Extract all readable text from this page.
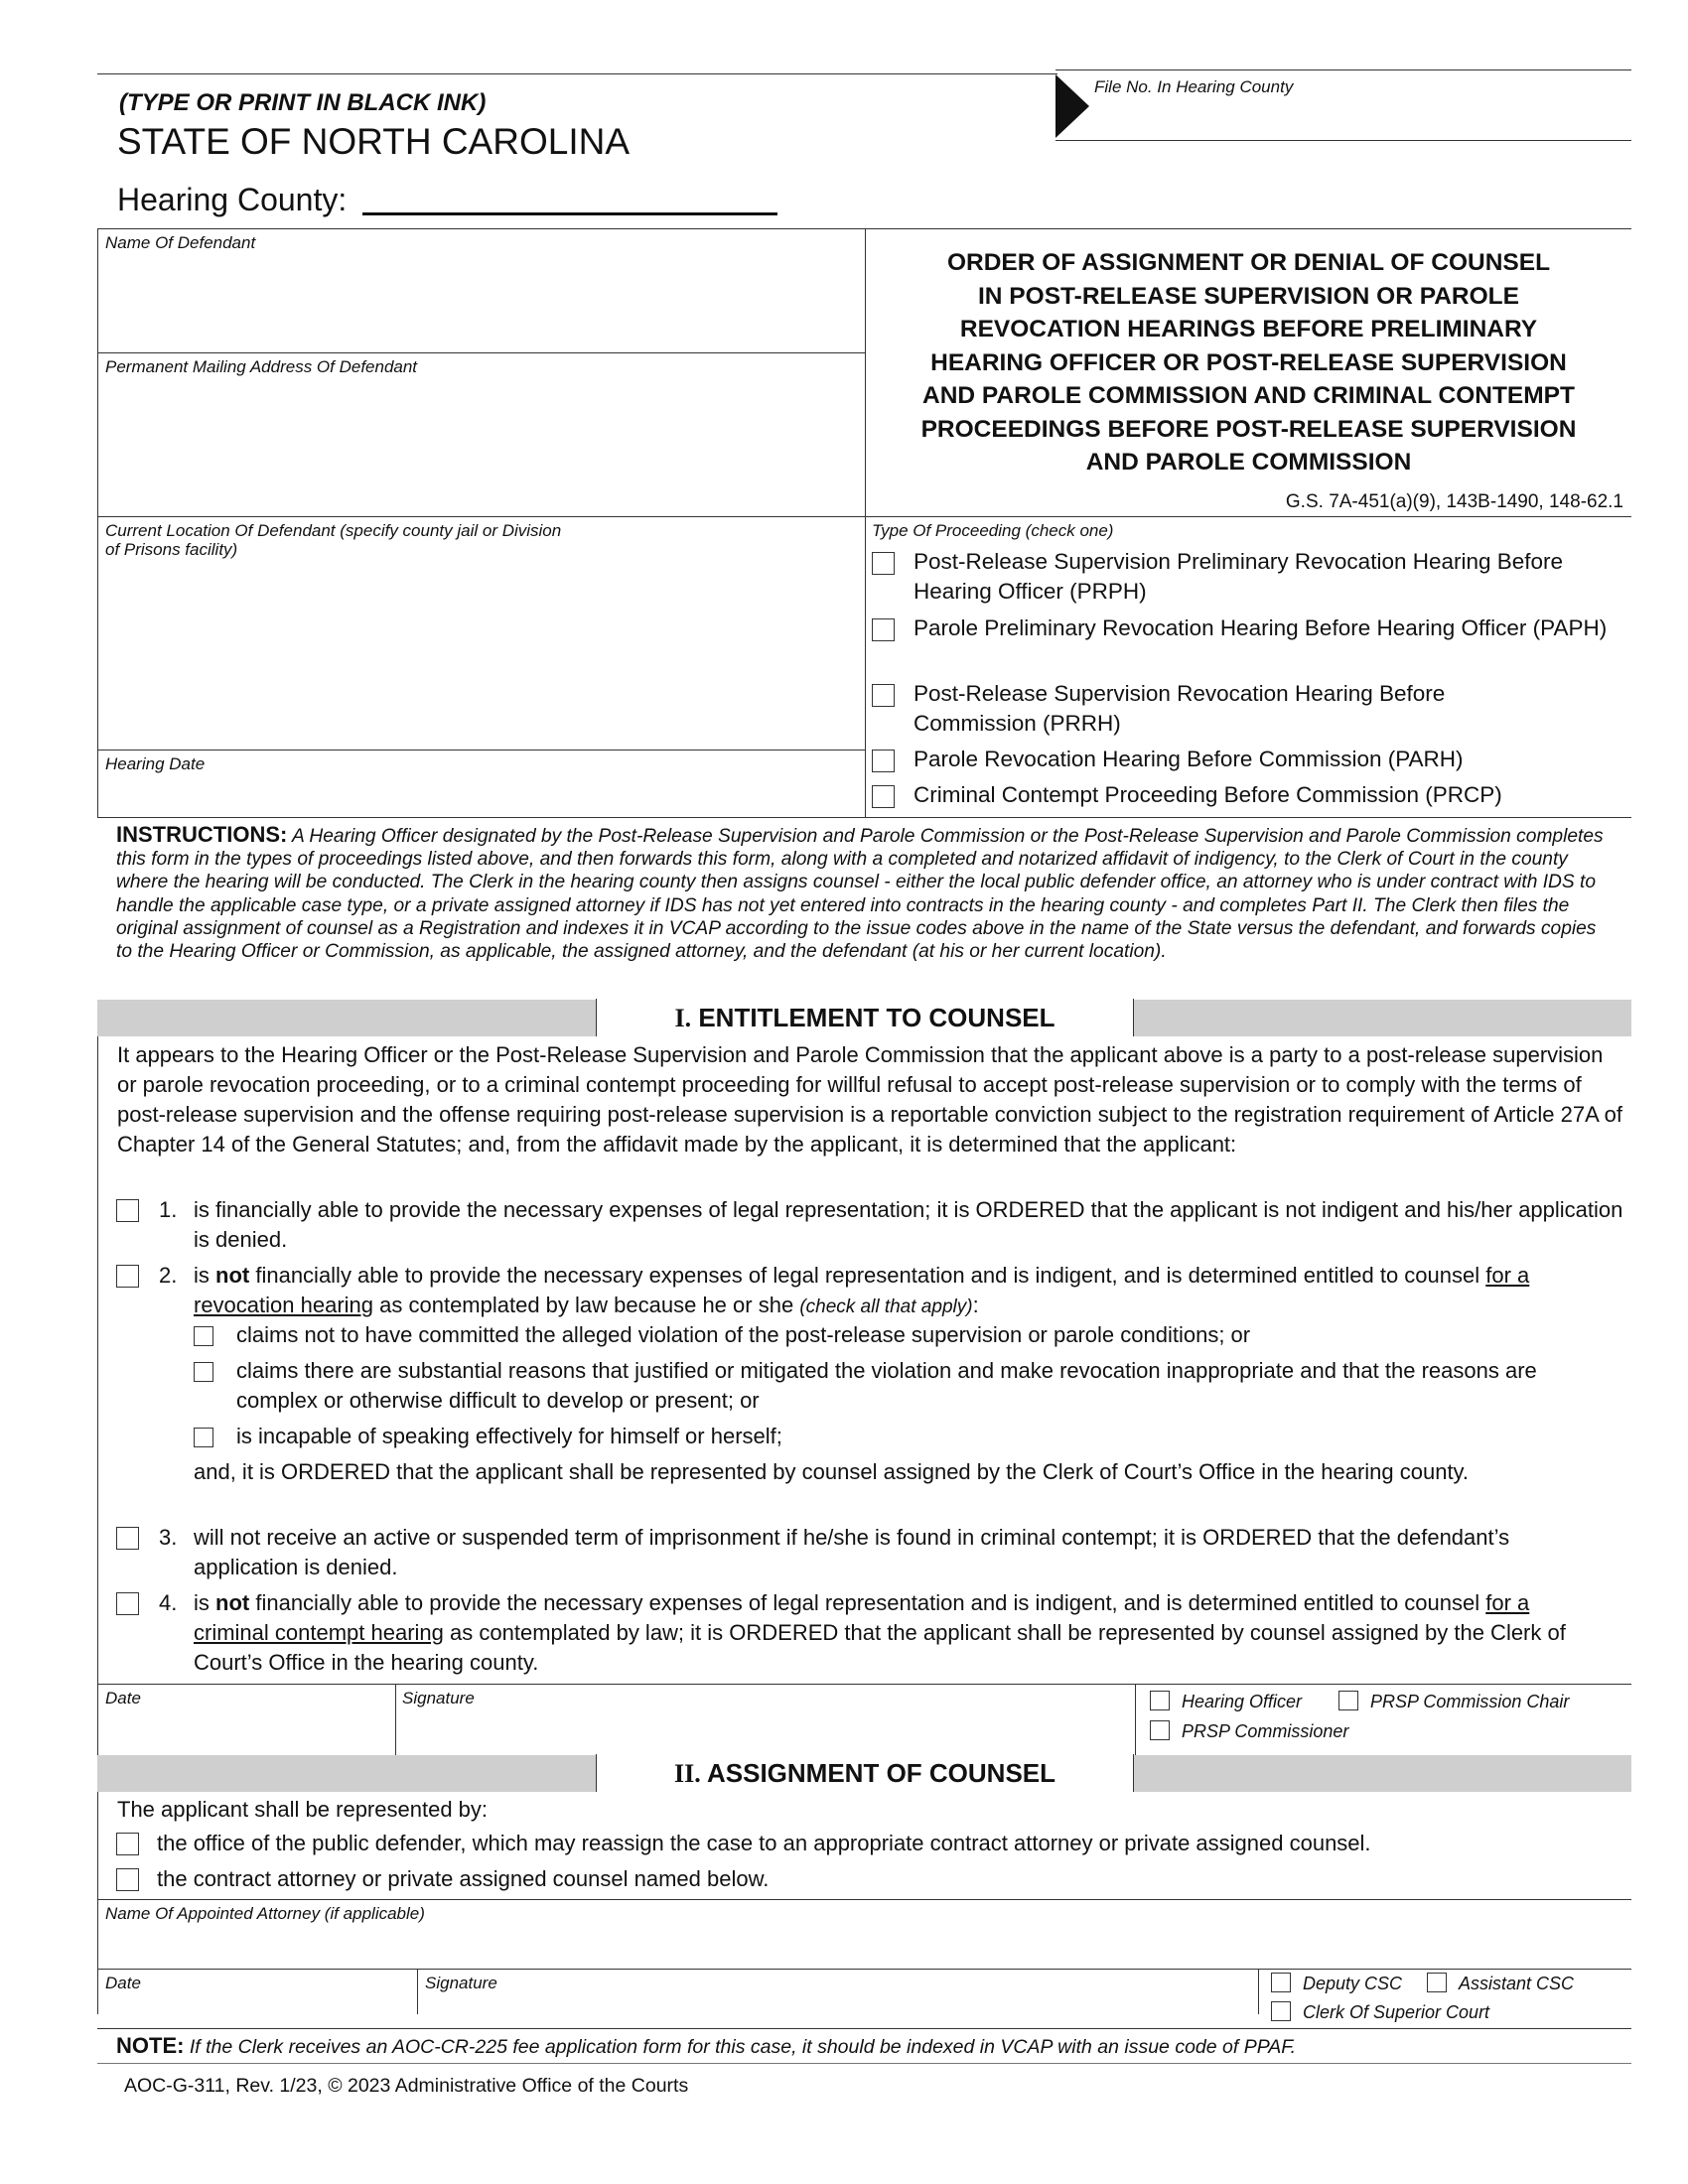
(TYPE OR PRINT IN BLACK INK)
STATE OF NORTH CAROLINA
Hearing County:
File No. In Hearing County
Name Of Defendant
Permanent Mailing Address Of Defendant
Current Location Of Defendant (specify county jail or Division of Prisons facility)
Hearing Date
ORDER OF ASSIGNMENT OR DENIAL OF COUNSEL
IN POST-RELEASE SUPERVISION OR PAROLE
REVOCATION HEARINGS BEFORE PRELIMINARY
HEARING OFFICER OR POST-RELEASE SUPERVISION
AND PAROLE COMMISSION AND CRIMINAL CONTEMPT
PROCEEDINGS BEFORE POST-RELEASE SUPERVISION
AND PAROLE COMMISSION
G.S. 7A-451(a)(9), 143B-1490, 148-62.1
Type Of Proceeding (check one)
Post-Release Supervision Preliminary Revocation Hearing Before Hearing Officer (PRPH)
Parole Preliminary Revocation Hearing Before Hearing Officer (PAPH)
Post-Release Supervision Revocation Hearing Before Commission (PRRH)
Parole Revocation Hearing Before Commission (PARH)
Criminal Contempt Proceeding Before Commission (PRCP)
INSTRUCTIONS: A Hearing Officer designated by the Post-Release Supervision and Parole Commission or the Post-Release Supervision and Parole Commission completes this form in the types of proceedings listed above, and then forwards this form, along with a completed and notarized affidavit of indigency, to the Clerk of Court in the county where the hearing will be conducted. The Clerk in the hearing county then assigns counsel - either the local public defender office, an attorney who is under contract with IDS to handle the applicable case type, or a private assigned attorney if IDS has not yet entered into contracts in the hearing county - and completes Part II. The Clerk then files the original assignment of counsel as a Registration and indexes it in VCAP according to the issue codes above in the name of the State versus the defendant, and forwards copies to the Hearing Officer or Commission, as applicable, the assigned attorney, and the defendant (at his or her current location).
I. ENTITLEMENT TO COUNSEL
It appears to the Hearing Officer or the Post-Release Supervision and Parole Commission that the applicant above is a party to a post-release supervision or parole revocation proceeding, or to a criminal contempt proceeding for willful refusal to accept post-release supervision or to comply with the terms of post-release supervision and the offense requiring post-release supervision is a reportable conviction subject to the registration requirement of Article 27A of Chapter 14 of the General Statutes; and, from the affidavit made by the applicant, it is determined that the applicant:
1. is financially able to provide the necessary expenses of legal representation; it is ORDERED that the applicant is not indigent and his/her application is denied.
2. is not financially able to provide the necessary expenses of legal representation and is indigent, and is determined entitled to counsel for a revocation hearing as contemplated by law because he or she (check all that apply):
claims not to have committed the alleged violation of the post-release supervision or parole conditions; or
claims there are substantial reasons that justified or mitigated the violation and make revocation inappropriate and that the reasons are complex or otherwise difficult to develop or present; or
is incapable of speaking effectively for himself or herself;
and, it is ORDERED that the applicant shall be represented by counsel assigned by the Clerk of Court’s Office in the hearing county.
3. will not receive an active or suspended term of imprisonment if he/she is found in criminal contempt; it is ORDERED that the defendant’s application is denied.
4. is not financially able to provide the necessary expenses of legal representation and is indigent, and is determined entitled to counsel for a criminal contempt hearing as contemplated by law; it is ORDERED that the applicant shall be represented by counsel assigned by the Clerk of Court’s Office in the hearing county.
Date	Signature	Hearing Officer	PRSP Commission Chair
PRSP Commissioner
II. ASSIGNMENT OF COUNSEL
The applicant shall be represented by:
the office of the public defender, which may reassign the case to an appropriate contract attorney or private assigned counsel.
the contract attorney or private assigned counsel named below.
Name Of Appointed Attorney (if applicable)
Date	Signature	Deputy CSC	Assistant CSC
Clerk Of Superior Court
NOTE: If the Clerk receives an AOC-CR-225 fee application form for this case, it should be indexed in VCAP with an issue code of PPAF.
AOC-G-311, Rev. 1/23, © 2023 Administrative Office of the Courts
